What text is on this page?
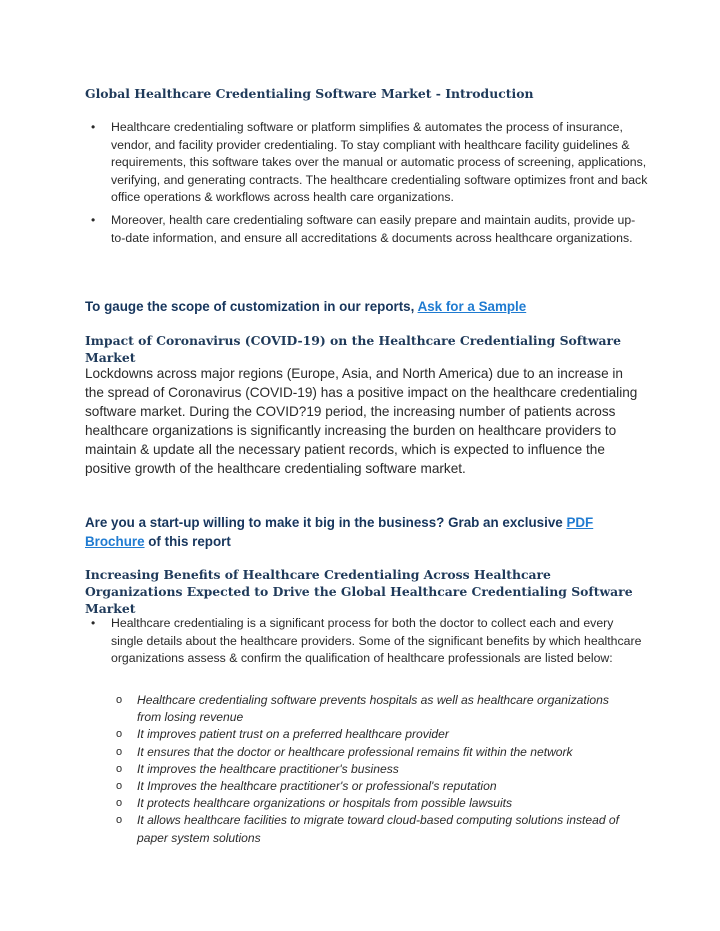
Global Healthcare Credentialing Software Market - Introduction
• Healthcare credentialing software or platform simplifies & automates the process of insurance, vendor, and facility provider credentialing. To stay compliant with healthcare facility guidelines & requirements, this software takes over the manual or automatic process of screening, applications, verifying, and generating contracts. The healthcare credentialing software optimizes front and back office operations & workflows across health care organizations.
• Moreover, health care credentialing software can easily prepare and maintain audits, provide up-to-date information, and ensure all accreditations & documents across healthcare organizations.

To gauge the scope of customization in our reports, Ask for a Sample

Impact of Coronavirus (COVID-19) on the Healthcare Credentialing Software Market

Lockdowns across major regions (Europe, Asia, and North America) due to an increase in the spread of Coronavirus (COVID-19) has a positive impact on the healthcare credentialing software market. During the COVID?19 period, the increasing number of patients across healthcare organizations is significantly increasing the burden on healthcare providers to maintain & update all the necessary patient records, which is expected to influence the positive growth of the healthcare credentialing software market.

Are you a start-up willing to make it big in the business? Grab an exclusive PDF Brochure of this report

Increasing Benefits of Healthcare Credentialing Across Healthcare Organizations Expected to Drive the Global Healthcare Credentialing Software Market
• Healthcare credentialing is a significant process for both the doctor to collect each and every single details about the healthcare providers. Some of the significant benefits by which healthcare organizations assess & confirm the qualification of healthcare professionals are listed below:
o Healthcare credentialing software prevents hospitals as well as healthcare organizations from losing revenue
o It improves patient trust on a preferred healthcare provider
o It ensures that the doctor or healthcare professional remains fit within the network
o It improves the healthcare practitioner's business
o It Improves the healthcare practitioner's or professional's reputation
o It protects healthcare organizations or hospitals from possible lawsuits
o It allows healthcare facilities to migrate toward cloud-based computing solutions instead of paper system solutions
